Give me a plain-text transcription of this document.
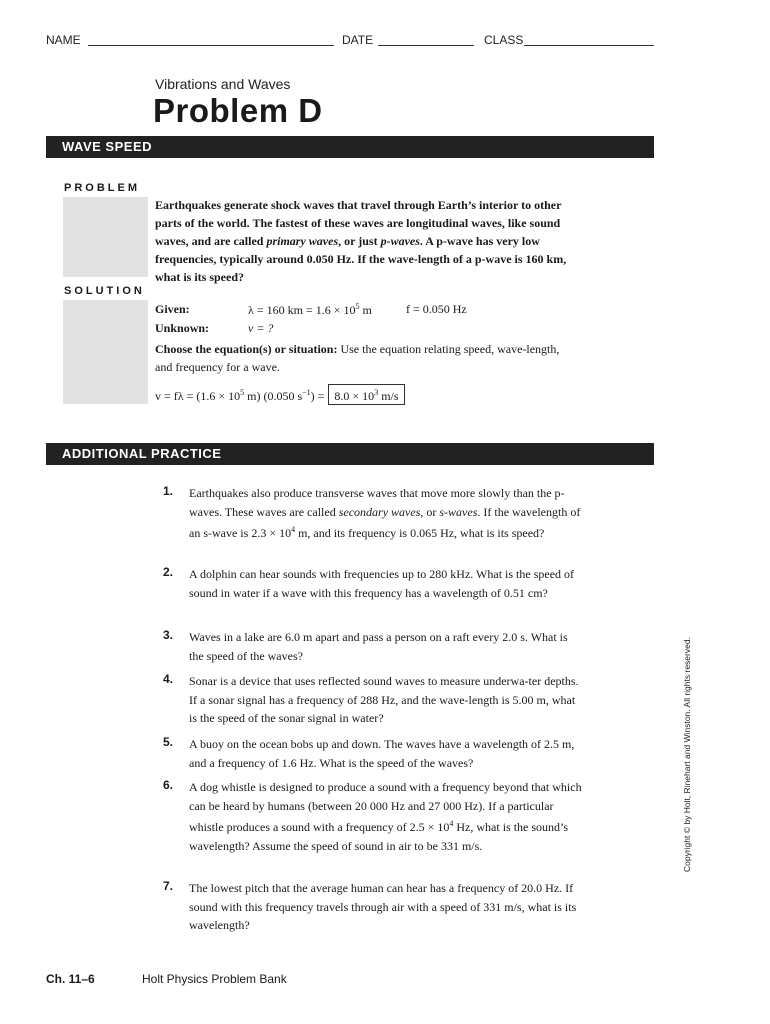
NAME	DATE	CLASS
Vibrations and Waves
Problem D
WAVE SPEED
PROBLEM
Earthquakes generate shock waves that travel through Earth’s interior to other parts of the world. The fastest of these waves are longitudinal waves, like sound waves, and are called primary waves, or just p-waves. A p-wave has very low frequencies, typically around 0.050 Hz. If the wave-length of a p-wave is 160 km, what is its speed?
SOLUTION
Given:	λ = 160 km = $1.6 \times 10^5$ m	f = 0.050 Hz
Unknown:	v = ?
Choose the equation(s) or situation: Use the equation relating speed, wave-length, and frequency for a wave.
$v = f\lambda = (1.6 \times 10^5$ m) (0.050 $s^{-1}) = 8.0 \times 10^3$ m/s
ADDITIONAL PRACTICE
1. Earthquakes also produce transverse waves that move more slowly than the p-waves. These waves are called secondary waves, or s-waves. If the wavelength of an s-wave is $2.3 \times 10^4$ m, and its frequency is 0.065 Hz, what is its speed?
2. A dolphin can hear sounds with frequencies up to 280 kHz. What is the speed of sound in water if a wave with this frequency has a wavelength of 0.51 cm?
3. Waves in a lake are 6.0 m apart and pass a person on a raft every 2.0 s. What is the speed of the waves?
4. Sonar is a device that uses reflected sound waves to measure underwa-ter depths. If a sonar signal has a frequency of 288 Hz, and the wave-length is 5.00 m, what is the speed of the sonar signal in water?
5. A buoy on the ocean bobs up and down. The waves have a wavelength of 2.5 m, and a frequency of 1.6 Hz. What is the speed of the waves?
6. A dog whistle is designed to produce a sound with a frequency beyond that which can be heard by humans (between 20 000 Hz and 27 000 Hz). If a particular whistle produces a sound with a frequency of $2.5 \times 10^4$ Hz, what is the sound’s wavelength? Assume the speed of sound in air to be 331 m/s.
7. The lowest pitch that the average human can hear has a frequency of 20.0 Hz. If sound with this frequency travels through air with a speed of 331 m/s, what is its wavelength?
Copyright © by Holt, Rinehart and Winston. All rights reserved.
Ch. 11–6	Holt Physics Problem Bank
